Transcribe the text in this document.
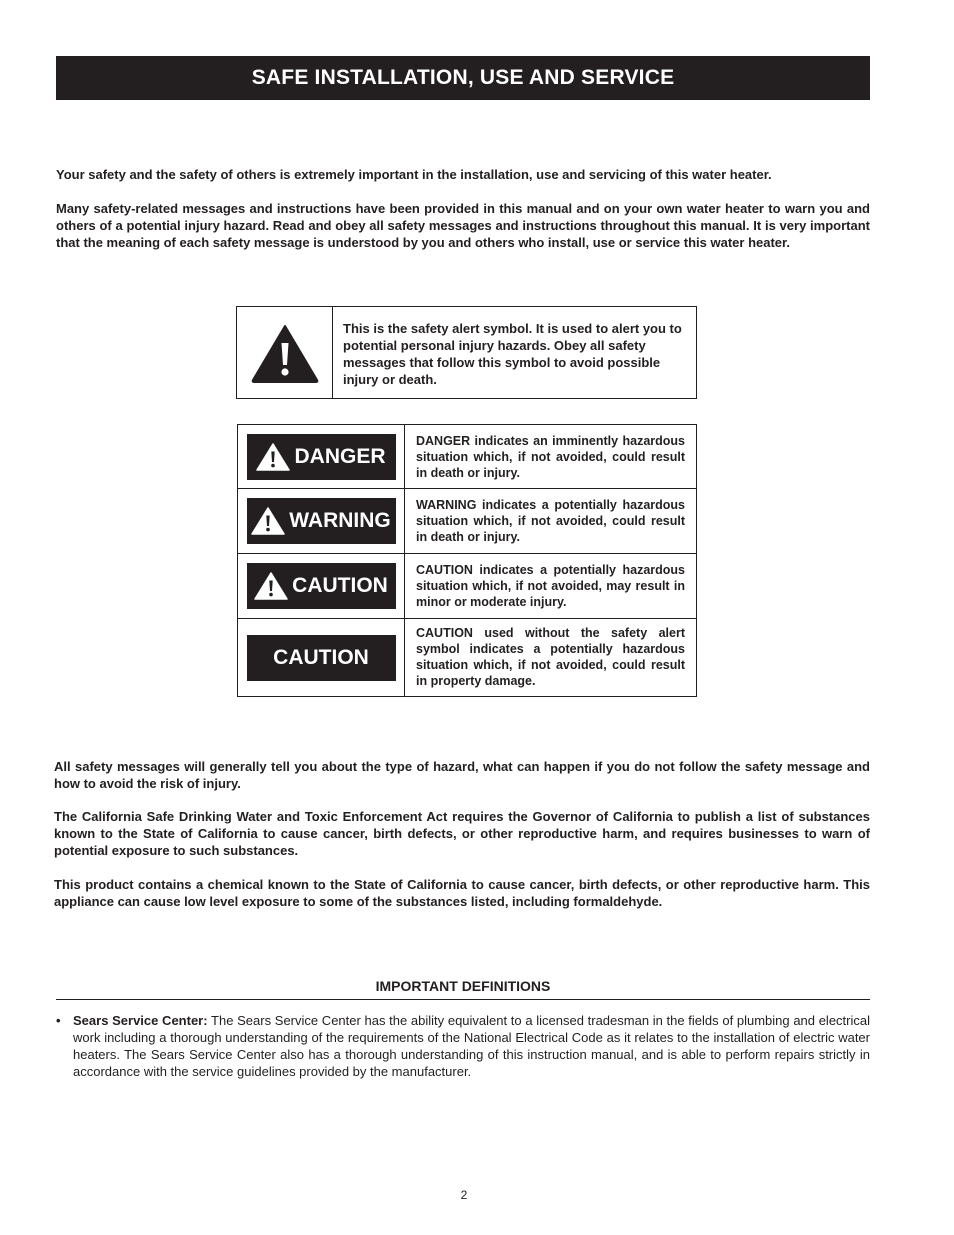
SAFE INSTALLATION, USE AND SERVICE

Your safety and the safety of others is extremely important in the installation, use and servicing of this water heater.

Many safety-related messages and instructions have been provided in this manual and on your own water heater to warn you and others of a potential injury hazard. Read and obey all safety messages and instructions throughout this manual. It is very important that the meaning of each safety message is understood by you and others who install, use or service this water heater.

This is the safety alert symbol. It is used to alert you to potential personal injury hazards. Obey all safety messages that follow this symbol to avoid possible injury or death.
DANGER
DANGER indicates an imminently hazardous situation which, if not avoided, could result in death or injury.
WARNING
WARNING indicates a potentially hazardous situation which, if not avoided, could result in death or injury.
CAUTION
CAUTION indicates a potentially hazardous situation which, if not avoided, may result in minor or moderate injury.
CAUTION
CAUTION used without the safety alert symbol indicates a potentially hazardous situation which, if not avoided, could result in property damage.

All safety messages will generally tell you about the type of hazard, what can happen if you do not follow the safety message and how to avoid the risk of injury.

The California Safe Drinking Water and Toxic Enforcement Act requires the Governor of California to publish a list of substances known to the State of California to cause cancer, birth defects, or other reproductive harm, and requires businesses to warn of potential exposure to such substances.

This product contains a chemical known to the State of California to cause cancer, birth defects, or other reproductive harm. This appliance can cause low level exposure to some of the substances listed, including formaldehyde.

IMPORTANT DEFINITIONS
• Sears Service Center: The Sears Service Center has the ability equivalent to a licensed tradesman in the fields of plumbing and electrical work including a thorough understanding of the requirements of the National Electrical Code as it relates to the installation of electric water heaters. The Sears Service Center also has a thorough understanding of this instruction manual, and is able to perform repairs strictly in accordance with the service guidelines provided by the manufacturer.
2
